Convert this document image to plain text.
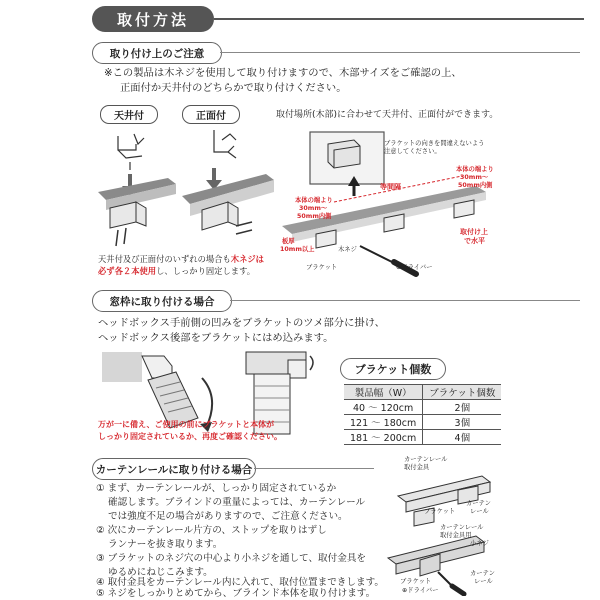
取付方法
取り付け上のご注意
※この製品は木ネジを使用して取り付けますので、木部サイズをご確認の上、
正面付か天井付のどちらかで取り付けください。
天井付	正面付
天井付及び正面付のいずれの場合も木ネジは
必ず各２本使用し、しっかり固定します。
取付場所(木部)に合わせて天井付、正面付ができます。
ブラケットの向きを間違えないよう
注意してください。
等間隔
本体の端より
30mm～
50mm内側
本体の端より
30mm～
50mm内側
板厚
10mm以上	木ネジ
ブラケット	⊕ドライバー
取付け上
で水平
窓枠に取り付ける場合
ヘッドボックス手前側の凹みをブラケットのツメ部分に掛け、
ヘッドボックス後部をブラケットにはめ込みます。
万が一に備え、ご使用の前にブラケットと本体が
しっかり固定されているか、再度ご確認ください。
ブラケット個数
製品幅（W）	ブラケット個数
40 ～ 120cm	2個
121 ～ 180cm	3個
181 ～ 200cm	4個
カーテンレールに取り付ける場合
① まず、カーテンレールが、しっかり固定されているか
確認します。ブラインドの重量によっては、カーテンレール
では強度不足の場合がありますので、ご注意ください。
② 次にカーテンレール片方の、ストップを取りはずし
ランナーを抜き取ります。
③ ブラケットのネジ穴の中心より小ネジを通して、取付金具を
ゆるめにねじこみます。
④ 取付金具をカーテンレール内に入れて、取付位置まできします。
⑤ ネジをしっかりとめてから、ブラインド本体を取り付けます。
カーテンレール
取付金具
ブラケット
カーテン
レール
カーテンレール
取付金具用
小ネジ
ブラケット
⊕ドライバー
カーテン
レール
